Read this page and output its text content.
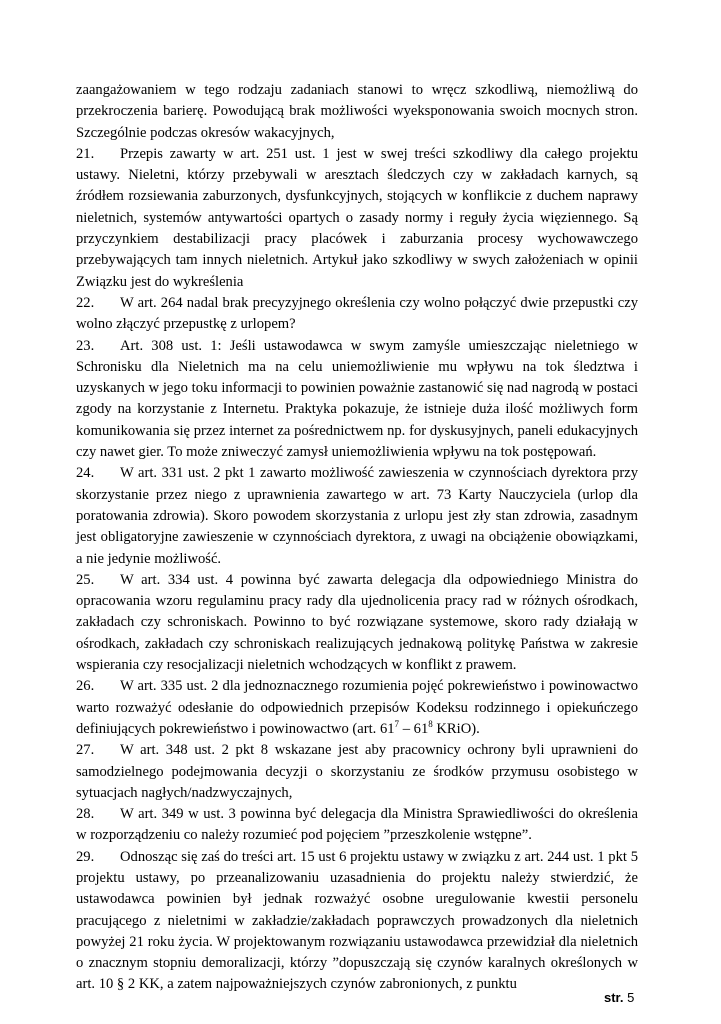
zaangażowaniem w tego rodzaju zadaniach stanowi to wręcz szkodliwą, niemożliwą do przekroczenia barierę. Powodującą brak możliwości wyeksponowania swoich mocnych stron. Szczególnie podczas okresów wakacyjnych,

21. Przepis zawarty w art. 251 ust. 1 jest w swej treści szkodliwy dla całego projektu ustawy. Nieletni, którzy przebywali w aresztach śledczych czy w zakładach karnych, są źródłem rozsiewania zaburzonych, dysfunkcyjnych, stojących w konflikcie z duchem naprawy nieletnich, systemów antywartości opartych o zasady normy i reguły życia więziennego. Są przyczynkiem destabilizacji pracy placówek i zaburzania procesy wychowawczego przebywających tam innych nieletnich. Artykuł jako szkodliwy w swych założeniach w opinii Związku jest do wykreślenia

22. W art. 264 nadal brak precyzyjnego określenia czy wolno połączyć dwie przepustki czy wolno złączyć przepustkę z urlopem?

23. Art. 308 ust. 1: Jeśli ustawodawca w swym zamyśle umieszczając nieletniego w Schronisku dla Nieletnich ma na celu uniemożliwienie mu wpływu na tok śledztwa i uzyskanych w jego toku informacji to powinien poważnie zastanowić się nad nagrodą w postaci zgody na korzystanie z Internetu. Praktyka pokazuje, że istnieje duża ilość możliwych form komunikowania się przez internet za pośrednictwem np. for dyskusyjnych, paneli edukacyjnych czy nawet gier. To może zniweczyć zamysł uniemożliwienia wpływu na tok postępowań.

24. W art. 331 ust. 2 pkt 1 zawarto możliwość zawieszenia w czynnościach dyrektora przy skorzystanie przez niego z uprawnienia zawartego w art. 73 Karty Nauczyciela (urlop dla poratowania zdrowia). Skoro powodem skorzystania z urlopu jest zły stan zdrowia, zasadnym jest obligatoryjne zawieszenie w czynnościach dyrektora, z uwagi na obciążenie obowiązkami, a nie jedynie możliwość.

25. W art. 334 ust. 4 powinna być zawarta delegacja dla odpowiedniego Ministra do opracowania wzoru regulaminu pracy rady dla ujednolicenia pracy rad w różnych ośrodkach, zakładach czy schroniskach. Powinno to być rozwiązane systemowe, skoro rady działają w ośrodkach, zakładach czy schroniskach realizujących jednakową politykę Państwa w zakresie wspierania czy resocjalizacji nieletnich wchodzących w konflikt z prawem.

26. W art. 335 ust. 2 dla jednoznacznego rozumienia pojęć pokrewieństwo i powinowactwo warto rozważyć odesłanie do odpowiednich przepisów Kodeksu rodzinnego i opiekuńczego definiujących pokrewieństwo i powinowactwo (art. $61^7 - 61^8$ KRiO).

27. W art. 348 ust. 2 pkt 8 wskazane jest aby pracownicy ochrony byli uprawnieni do samodzielnego podejmowania decyzji o skorzystaniu ze środków przymusu osobistego w sytuacjach nagłych/nadzwyczajnych,

28. W art. 349 w ust. 3 powinna być delegacja dla Ministra Sprawiedliwości do określenia w rozporządzeniu co należy rozumieć pod pojęciem ”przeszkolenie wstępne”.

29. Odnosząc się zaś do treści art. 15 ust 6 projektu ustawy w związku z art. 244 ust. 1 pkt 5 projektu ustawy, po przeanalizowaniu uzasadnienia do projektu należy stwierdzić, że ustawodawca powinien był jednak rozważyć osobne uregulowanie kwestii personelu pracującego z nieletnimi w zakładzie/zakładach poprawczych prowadzonych dla nieletnich powyżej 21 roku życia. W projektowanym rozwiązaniu ustawodawca przewidział dla nieletnich o znacznym stopniu demoralizacji, którzy ”dopuszczają się czynów karalnych określonych w art. 10 § 2 KK, a zatem najpoważniejszych czynów zabronionych, z punktu

str. 5
